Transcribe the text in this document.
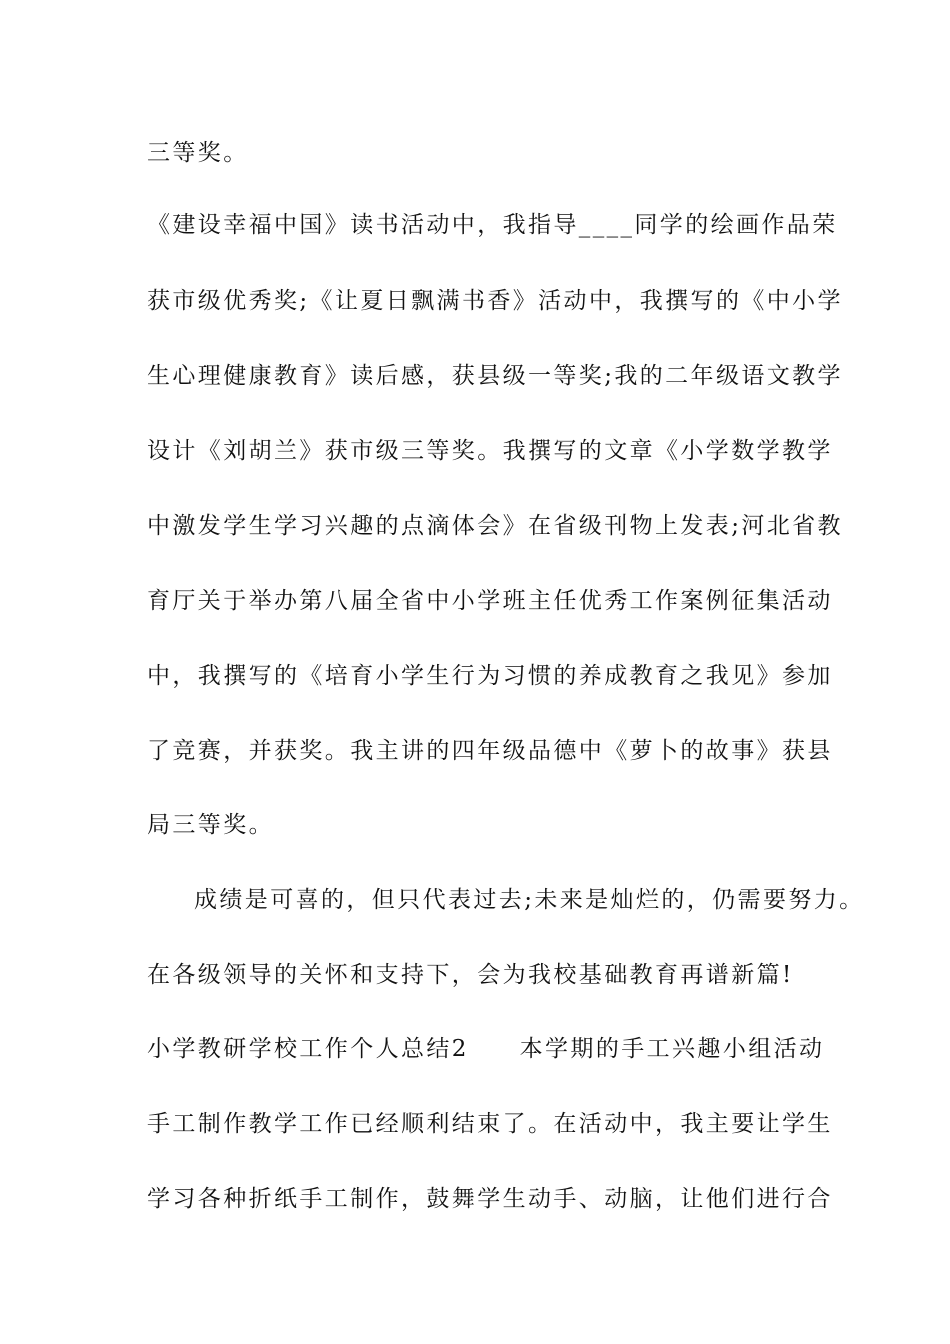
三等奖。
《建设幸福中国》读书活动中，我指导____同学的绘画作品荣
获市级优秀奖;《让夏日飘满书香》活动中，我撰写的《中小学
生心理健康教育》读后感，获县级一等奖;我的二年级语文教学
设计《刘胡兰》获市级三等奖。我撰写的文章《小学数学教学
中激发学生学习兴趣的点滴体会》在省级刊物上发表;河北省教
育厅关于举办第八届全省中小学班主任优秀工作案例征集活动
中，我撰写的《培育小学生行为习惯的养成教育之我见》参加
了竞赛，并获奖。我主讲的四年级品德中《萝卜的故事》获县
局三等奖。
成绩是可喜的，但只代表过去;未来是灿烂的，仍需要努力。
在各级领导的关怀和支持下，会为我校基础教育再谱新篇!
小学教研学校工作个人总结2　　本学期的手工兴趣小组活动
手工制作教学工作已经顺利结束了。在活动中，我主要让学生
学习各种折纸手工制作，鼓舞学生动手、动脑，让他们进行合
